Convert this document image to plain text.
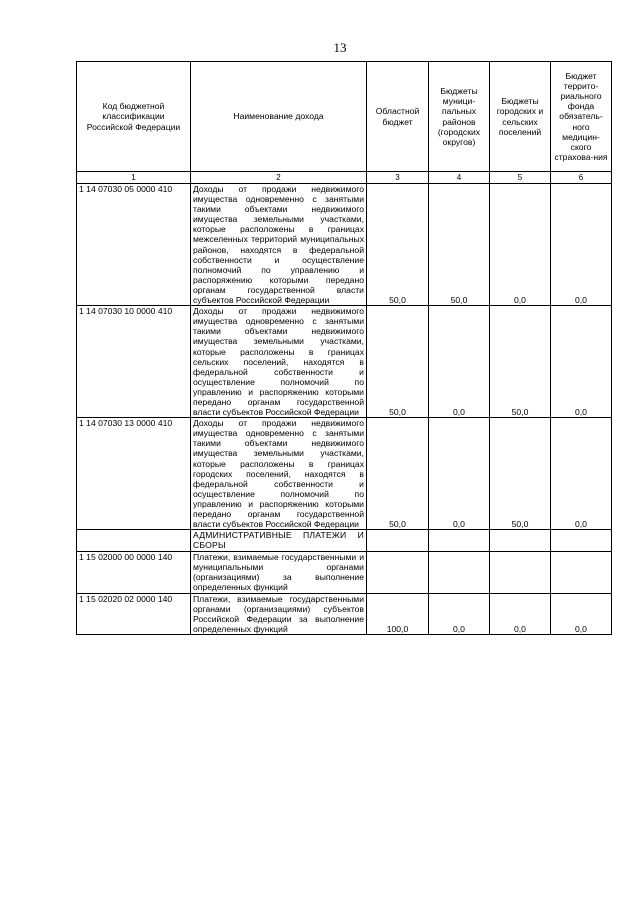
13
Код бюджетной классификации Российской Федерации	Наименование дохода	Областной бюджет	Бюджеты муници-пальных районов (городских округов)	Бюджеты городских и сельских поселений	Бюджет террито-риального фонда обязатель-ного медицин-ского страхова-ния
1	2	3	4	5	6
1 14 07030 05 0000 410	Доходы от продажи недвижимого имущества одновременно с занятыми такими объектами недвижимого имущества земельными участками, которые расположены в границах межселенных территорий муниципальных районов, находятся в федеральной собственности и осуществление полномочий по управлению и распоряжению которыми передано органам государственной власти субъектов Российской Федерации	50,0	50,0	0,0	0,0
1 14 07030 10 0000 410	Доходы от продажи недвижимого имущества одновременно с занятыми такими объектами недвижимого имущества земельными участками, которые расположены в границах сельских поселений, находятся в федеральной собственности и осуществление полномочий по управлению и распоряжению которыми передано органам государственной власти субъектов Российской Федерации	50,0	0,0	50,0	0,0
1 14 07030 13 0000 410	Доходы от продажи недвижимого имущества одновременно с занятыми такими объектами недвижимого имущества земельными участками, которые расположены в границах городских поселений, находятся в федеральной собственности и осуществление полномочий по управлению и распоряжению которыми передано органам государственной власти субъектов Российской Федерации	50,0	0,0	50,0	0,0
	АДМИНИСТРАТИВНЫЕ ПЛАТЕЖИ И СБОРЫ				
1 15 02000 00 0000 140	Платежи, взимаемые государственными и муниципальными органами (организациями) за выполнение определенных функций				
1 15 02020 02 0000 140	Платежи, взимаемые государственными органами (организациями) субъектов Российской Федерации за выполнение определенных функций	100,0	0,0	0,0	0,0
